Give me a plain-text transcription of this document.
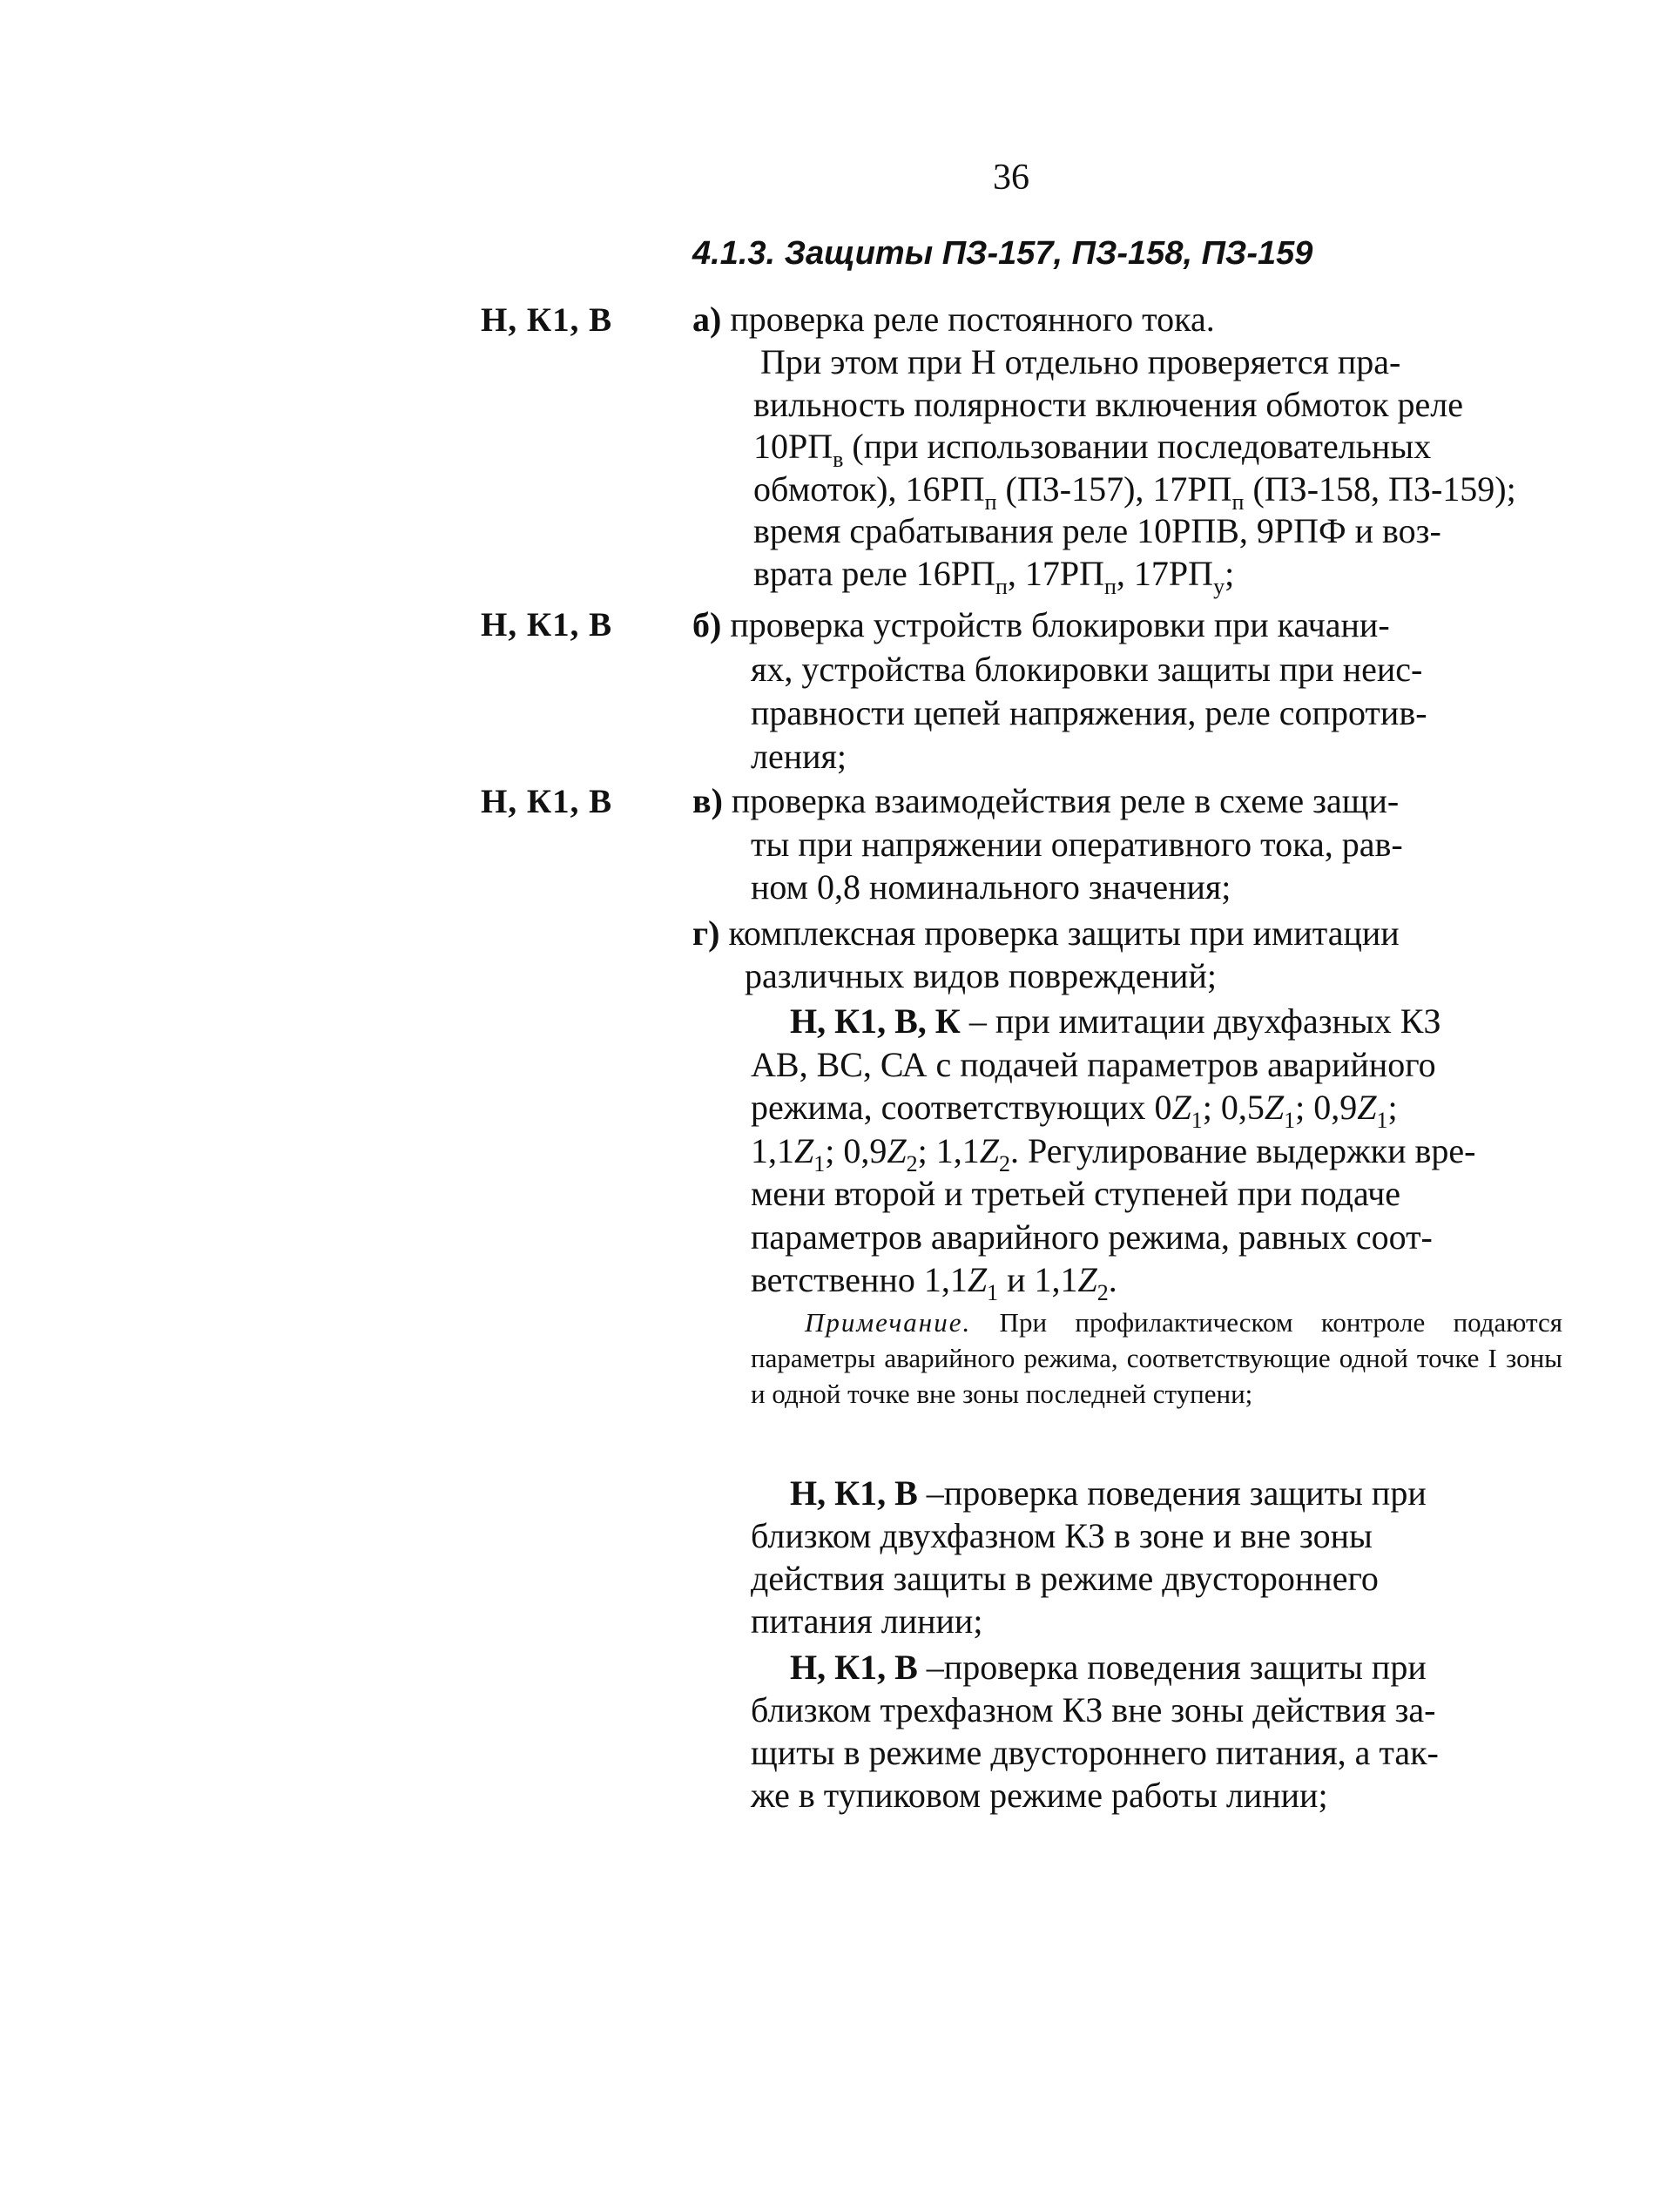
36
4.1.3. Защиты ПЗ-157, ПЗ-158, ПЗ-159
Н, К1, В
Н, К1, В
Н, К1, В
а) проверка реле постоянного тока.
При этом при Н отдельно проверяется пра-
вильность полярности включения обмоток реле
$10РП_в$ (при использовании последовательных
обмоток), $16РП_п$ (ПЗ-157), $17РП_п$ (ПЗ-158, ПЗ-159);
время срабатывания реле 10РПВ, 9РПФ и воз-
врата реле $16РП_п$, $17РП_п$, $17РП_у$;
б) проверка устройств блокировки при качани-
ях, устройства блокировки защиты при неис-
правности цепей напряжения, реле сопротив-
ления;
в) проверка взаимодействия реле в схеме защи-
ты при напряжении оперативного тока, рав-
ном 0,8 номинального значения;
г) комплексная проверка защиты при имитации
различных видов повреждений;
Н, К1, В, К – при имитации двухфазных КЗ
АВ, ВС, СА с подачей параметров аварийного
режима, соответствующих $0Z_1$; $0,5Z_1$; $0,9Z_1$;
$1,1Z_1$; $0,9Z_2$; $1,1Z_2$. Регулирование выдержки вре-
мени второй и третьей ступеней при подаче
параметров аварийного режима, равных соот-
ветственно $1,1Z_1$ и $1,1Z_2$.
Примечание. При профилактическом контроле подаются параметры аварийного режима, соответствующие одной точке I зоны и одной точке вне зоны последней ступени;
Н, К1, В –проверка поведения защиты при
близком двухфазном КЗ в зоне и вне зоны
действия защиты в режиме двустороннего
питания линии;
Н, К1, В –проверка поведения защиты при
близком трехфазном КЗ вне зоны действия за-
щиты в режиме двустороннего питания, а так-
же в тупиковом режиме работы линии;
